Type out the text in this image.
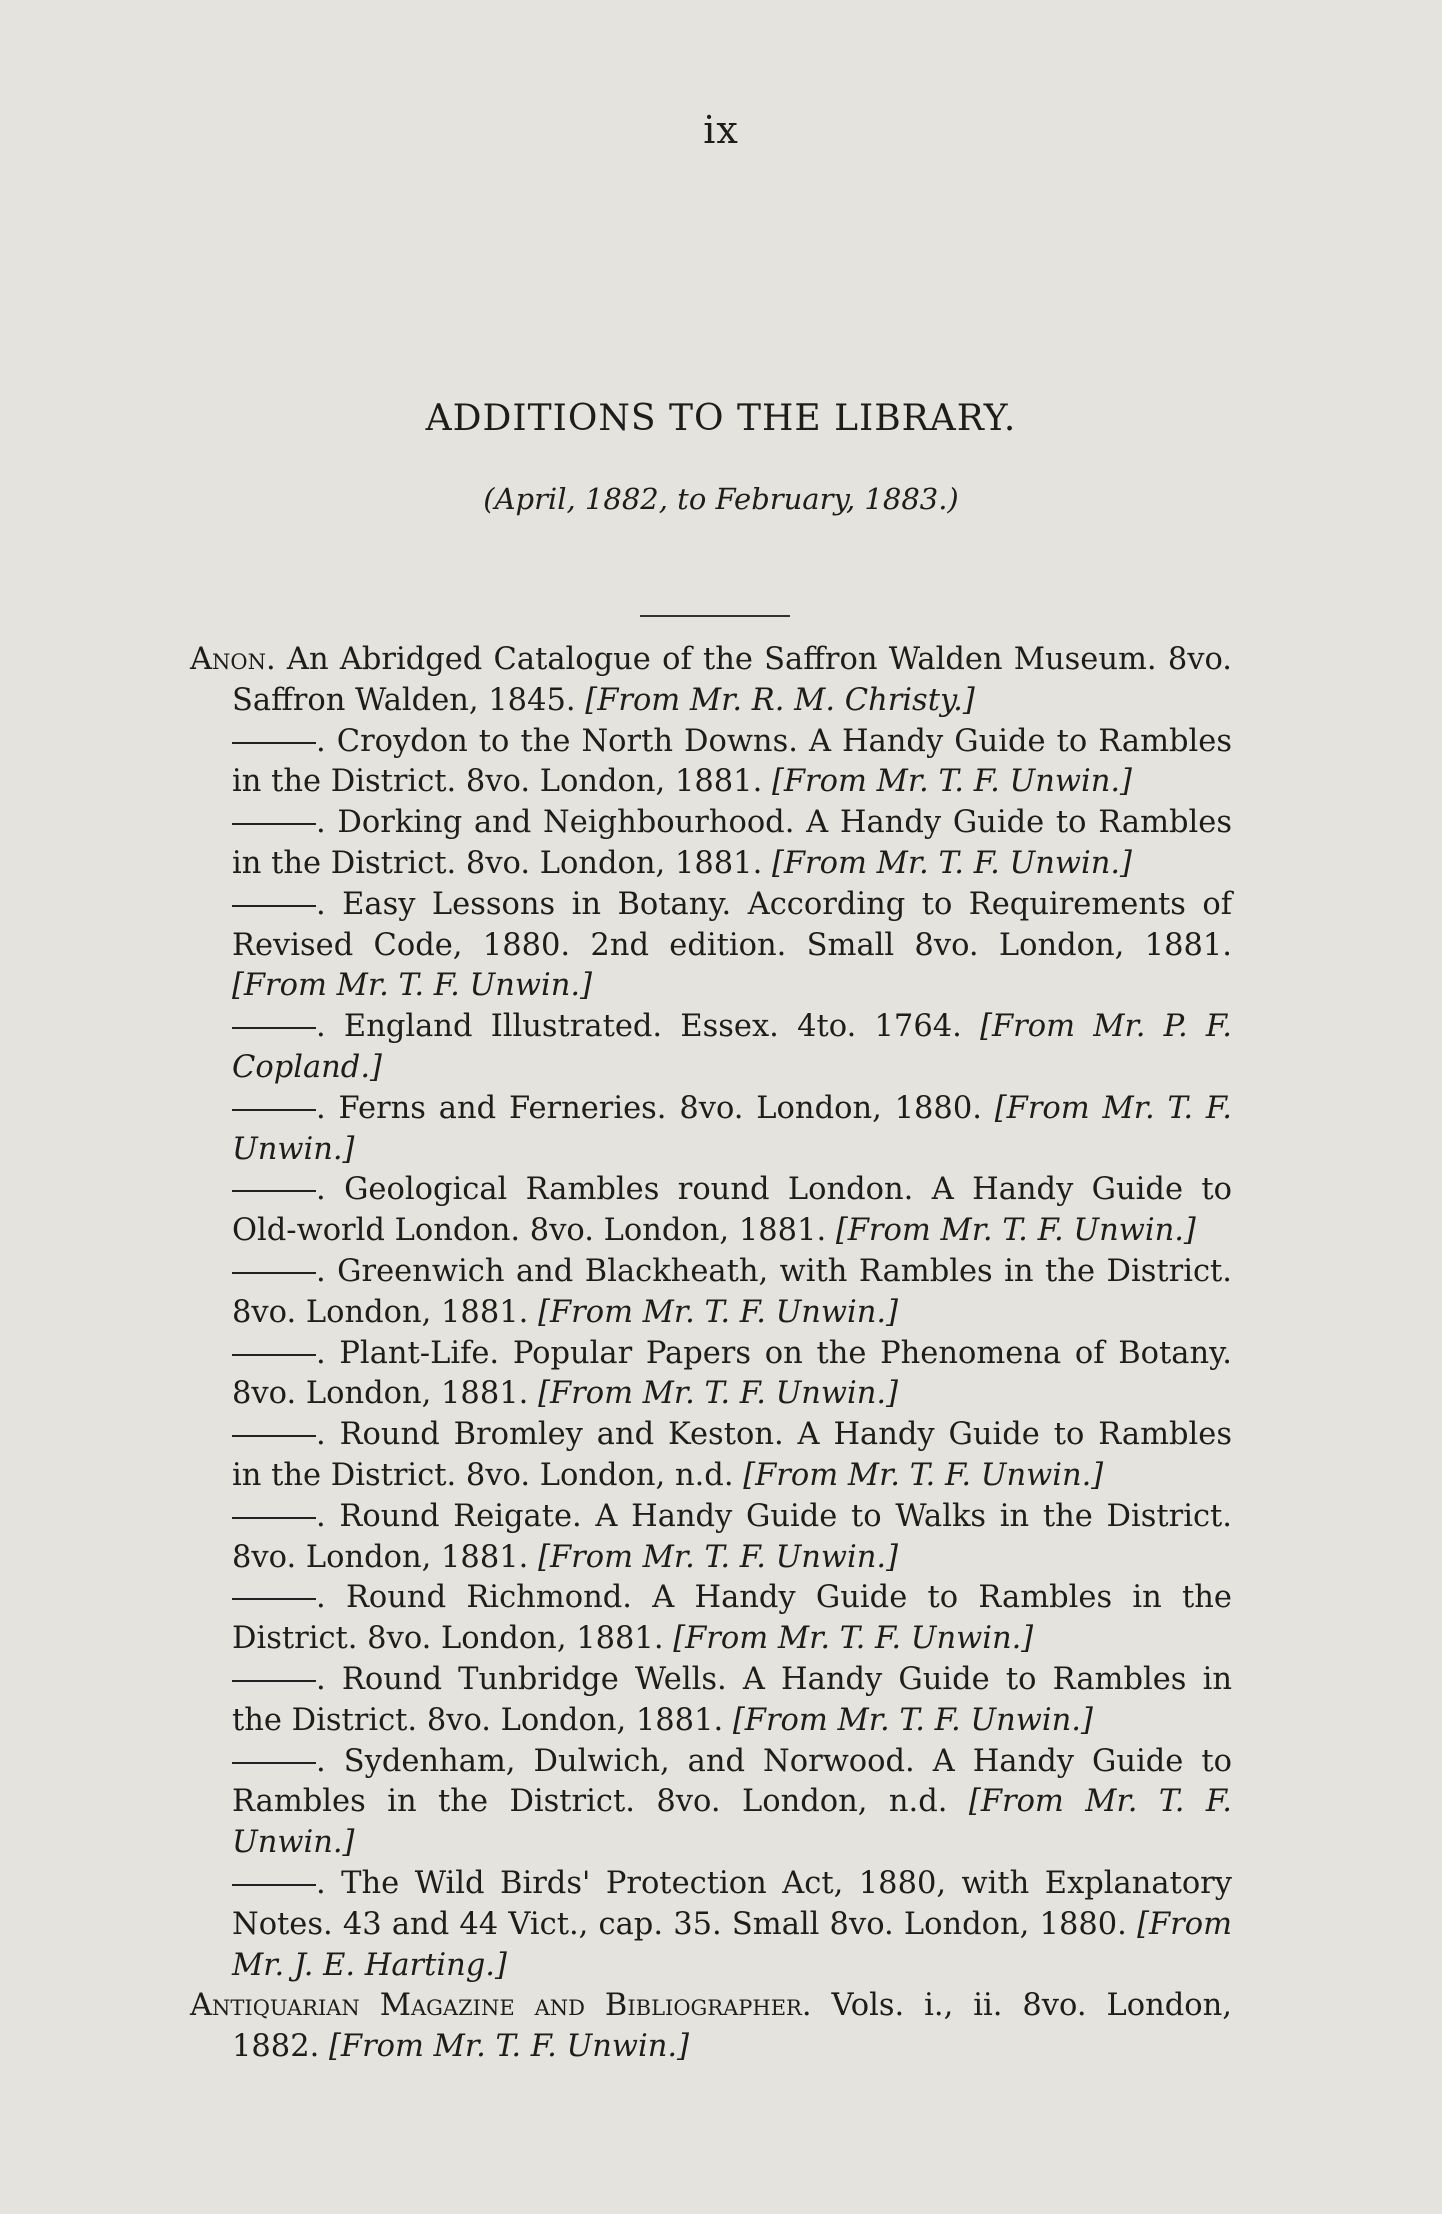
ix
ADDITIONS TO THE LIBRARY.
(April, 1882, to February, 1883.)

Anon. An Abridged Catalogue of the Saffron Walden Museum. 8vo. Saffron Walden, 1845. [From Mr. R. M. Christy.]

. Croydon to the North Downs. A Handy Guide to Rambles in the District. 8vo. London, 1881. [From Mr. T. F. Unwin.]

. Dorking and Neighbourhood. A Handy Guide to Rambles in the District. 8vo. London, 1881. [From Mr. T. F. Unwin.]

. Easy Lessons in Botany. According to Requirements of Revised Code, 1880. 2nd edition. Small 8vo. London, 1881. [From Mr. T. F. Unwin.]

. England Illustrated. Essex. 4to. 1764. [From Mr. P. F. Copland.]

. Ferns and Ferneries. 8vo. London, 1880. [From Mr. T. F. Unwin.]

. Geological Rambles round London. A Handy Guide to Old-world London. 8vo. London, 1881. [From Mr. T. F. Unwin.]

. Greenwich and Blackheath, with Rambles in the District. 8vo. London, 1881. [From Mr. T. F. Unwin.]

. Plant-Life. Popular Papers on the Phenomena of Botany. 8vo. London, 1881. [From Mr. T. F. Unwin.]

. Round Bromley and Keston. A Handy Guide to Rambles in the District. 8vo. London, n.d. [From Mr. T. F. Unwin.]

. Round Reigate. A Handy Guide to Walks in the District. 8vo. London, 1881. [From Mr. T. F. Unwin.]

. Round Richmond. A Handy Guide to Rambles in the District. 8vo. London, 1881. [From Mr. T. F. Unwin.]

. Round Tunbridge Wells. A Handy Guide to Rambles in the District. 8vo. London, 1881. [From Mr. T. F. Unwin.]

. Sydenham, Dulwich, and Norwood. A Handy Guide to Rambles in the District. 8vo. London, n.d. [From Mr. T. F. Unwin.]

. The Wild Birds' Protection Act, 1880, with Explanatory Notes. 43 and 44 Vict., cap. 35. Small 8vo. London, 1880. [From Mr. J. E. Harting.]

Antiquarian Magazine and Bibliographer. Vols. i., ii. 8vo. London, 1882. [From Mr. T. F. Unwin.]
